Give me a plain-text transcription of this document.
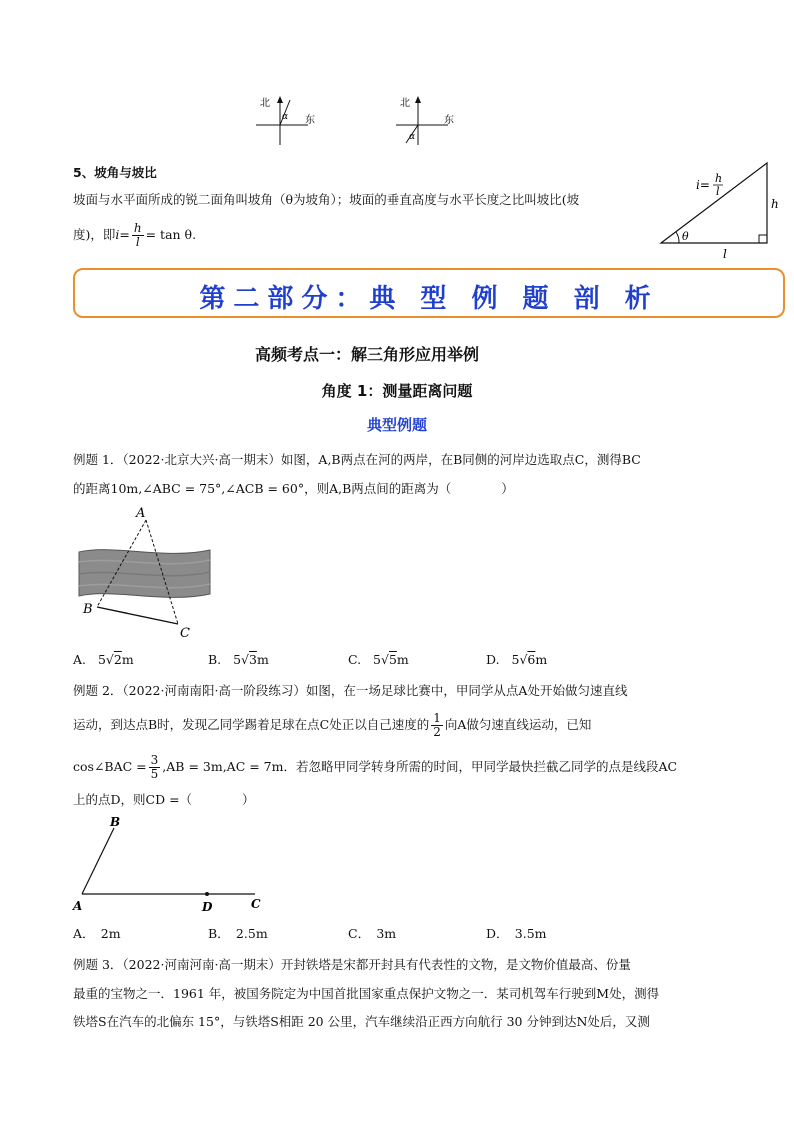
北
东
α
北
东
α
5、坡角与坡比
坡面与水平面所成的锐二面角叫坡角（θ为坡角）；坡面的垂直高度与水平长度之比叫坡比(坡
度)，即$i= \frac{h}{l} = \tan \theta$.
i= h
l
h
l
θ
第二部分：典 型 例 题 剖 析
高频考点一：解三角形应用举例
角度 1：测量距离问题
典型例题
例题 1．（2022·北京大兴·高一期末）如图，A,B两点在河的两岸，在B同侧的河岸边选取点C，测得BC
的距离10m,∠ABC = 75°,∠ACB = 60°，则A,B两点间的距离为（　　　　）
A
B
C
A. 5√2m	B. 5√3m	C. 5√5m	D. 5√6m
例题 2．（2022·河南南阳·高一阶段练习）如图，在一场足球比赛中，甲同学从点A处开始做匀速直线
运动，到达点B时，发现乙同学踢着足球在点C处正以自己速度的 $\frac{1}{2}$ 向A做匀速直线运动，已知
cos∠BAC = $\frac{3}{5} ,AB = 3m,AC = 7m$．若忽略甲同学转身所需的时间，甲同学最快拦截乙同学的点是线段AC
上的点D，则CD =（　　　　）
B
A	D	C
A．　2m	B．　2.5m	C．　3m	D．　3.5m
例题 3．（2022·河南河南·高一期末）开封铁塔是宋都开封具有代表性的文物，是文物价值最高、份量
最重的宝物之一．1961 年，被国务院定为中国首批国家重点保护文物之一．某司机驾车行驶到M处，测得
铁塔S在汽车的北偏东 15°，与铁塔S相距 20 公里，汽车继续沿正西方向航行 30 分钟到达N处后，又测
